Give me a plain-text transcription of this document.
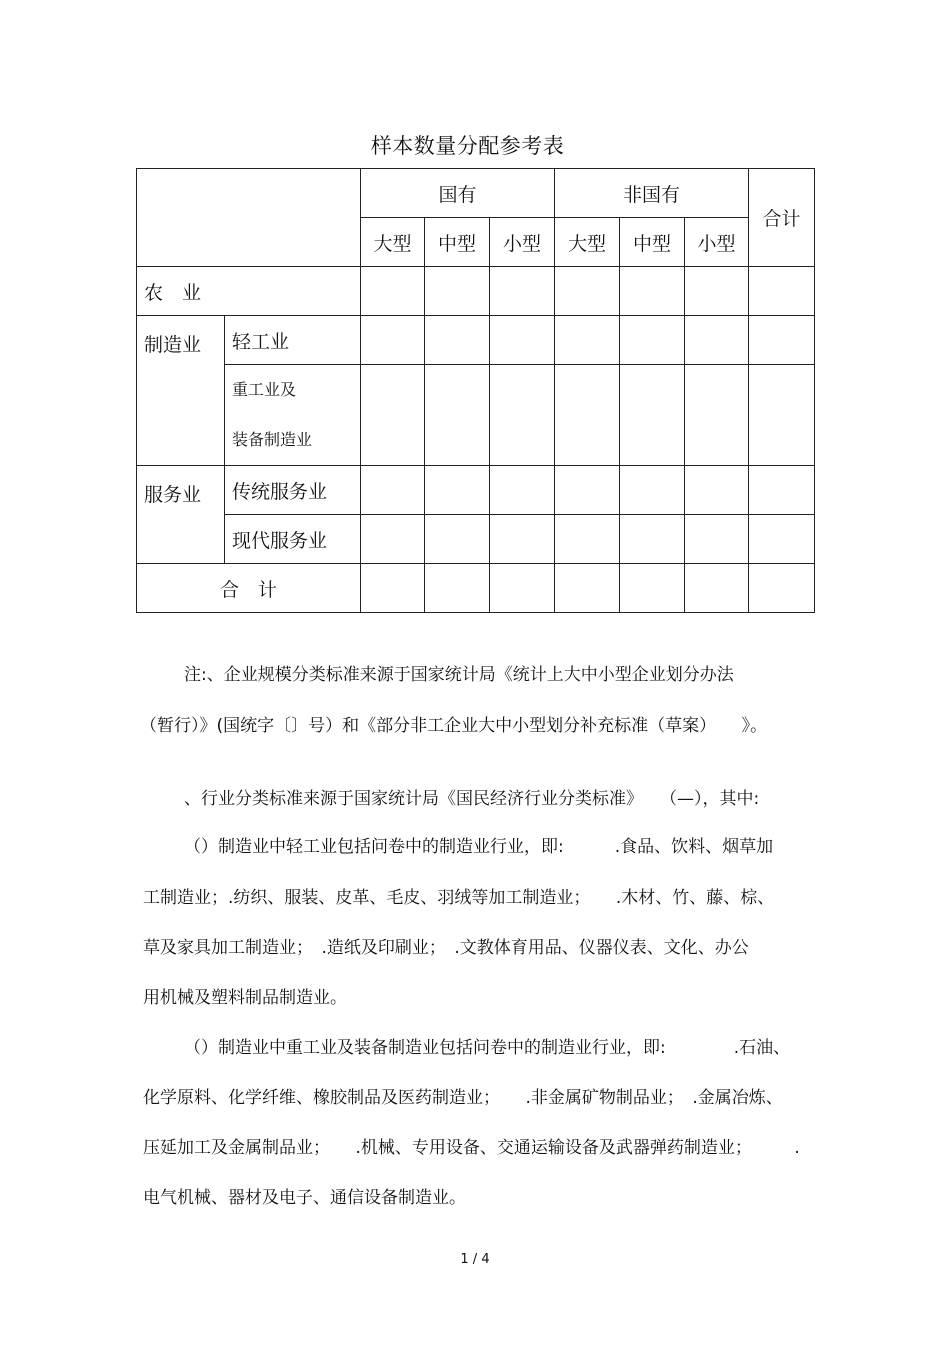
样本数量分配参考表
		国有			非国有			合计
		大型	中型	小型	大型	中型	小型	
农　业								
制造业	轻工业							

	重工业及
装备制造业							

服务业	传统服务业							
	现代服务业							
合　计								
注:、企业规模分类标准来源于国家统计局《统计上大中小型企业划分办法
（暂行）》(国统字〔〕号）和《部分非工企业大中小型划分补充标准（草案）　　》。
、行业分类标准来源于国家统计局《国民经济行业分类标准》　　（—），其中:
（）制造业中轻工业包括问卷中的制造业行业，即:　　　.食品、饮料、烟草加
工制造业；.纺织、服装、皮革、毛皮、羽绒等加工制造业；　　.木材、竹、藤、棕、
草及家具加工制造业；　.造纸及印刷业；　.文教体育用品、仪器仪表、文化、办公
用机械及塑料制品制造业。
（）制造业中重工业及装备制造业包括问卷中的制造业行业，即:　　　　.石油、
化学原料、化学纤维、橡胶制品及医药制造业；　　.非金属矿物制品业；　.金属冶炼、
压延加工及金属制品业；　　.机械、专用设备、交通运输设备及武器弹药制造业；　　　.
电气机械、器材及电子、通信设备制造业。
1 / 4
